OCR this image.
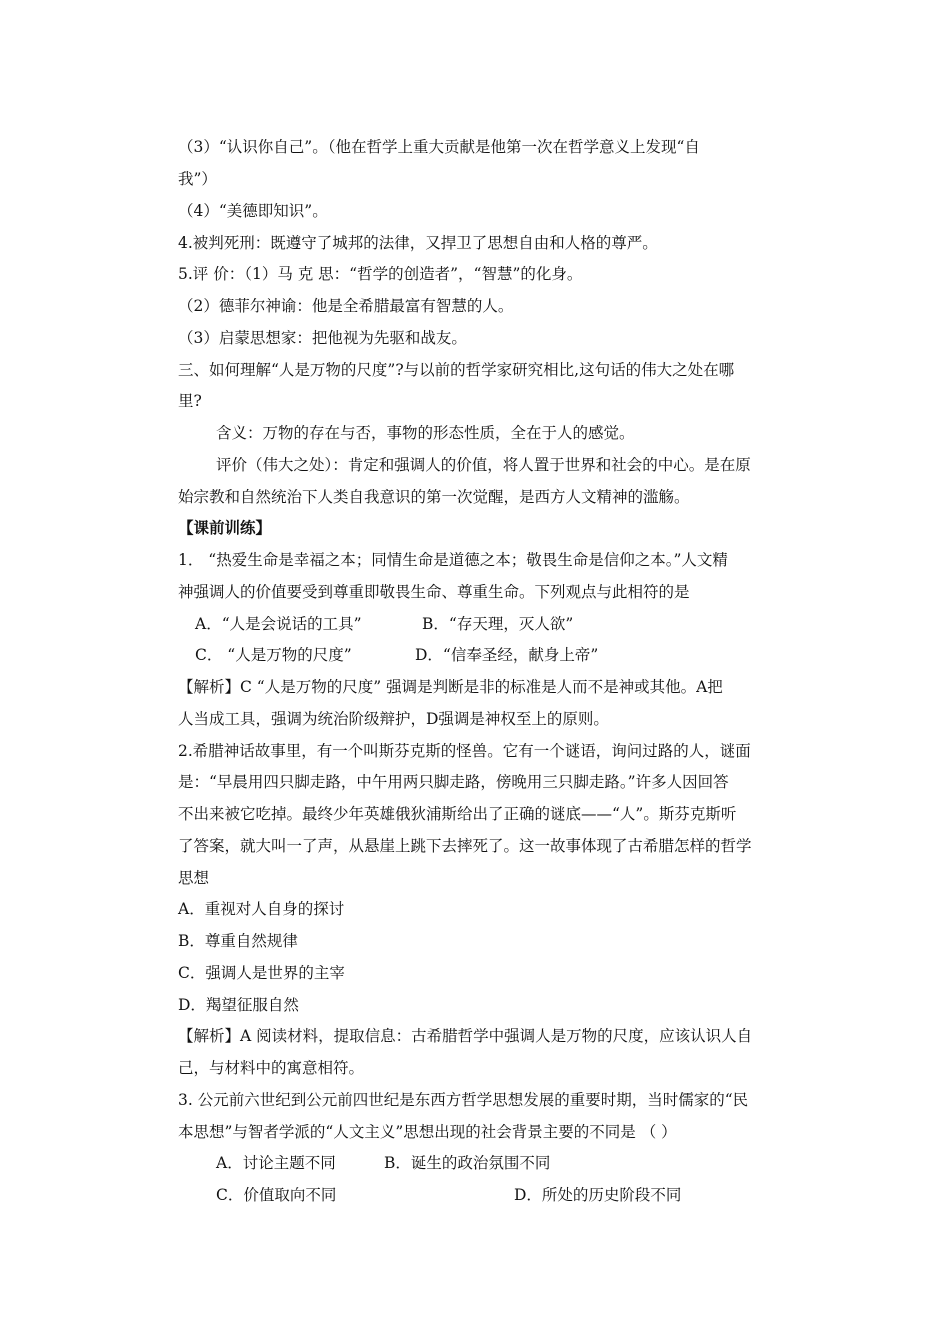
（3）“认识你自己”。（他在哲学上重大贡献是他第一次在哲学意义上发现“自
我”）
（4）“美德即知识”。
4.被判死刑：既遵守了城邦的法律，又捍卫了思想自由和人格的尊严。
5.评 价：（1）马 克 思：“哲学的创造者”，“智慧”的化身。
（2）德菲尔神谕：他是全希腊最富有智慧的人。
（3）启蒙思想家：把他视为先驱和战友。
三、如何理解“人是万物的尺度”?与以前的哲学家研究相比,这句话的伟大之处在哪
里?
含义：万物的存在与否，事物的形态性质，全在于人的感觉。
评价（伟大之处）：肯定和强调人的价值，将人置于世界和社会的中心。是在原
始宗教和自然统治下人类自我意识的第一次觉醒，是西方人文精神的滥觞。
【课前训练】
1． “热爱生命是幸福之本；同情生命是道德之本；敬畏生命是信仰之本。”人文精
神强调人的价值要受到尊重即敬畏生命、尊重生命。下列观点与此相符的是
A．“人是会说话的工具”	B．“存天理，灭人欲”
C． “人是万物的尺度”	D．“信奉圣经，献身上帝”
【解析】C “人是万物的尺度” 强调是判断是非的标准是人而不是神或其他。A把
人当成工具，强调为统治阶级辩护，D强调是神权至上的原则。
2.希腊神话故事里，有一个叫斯芬克斯的怪兽。它有一个谜语，询问过路的人，谜面
是：“早晨用四只脚走路，中午用两只脚走路，傍晚用三只脚走路。”许多人因回答
不出来被它吃掉。最终少年英雄俄狄浦斯给出了正确的谜底——“人”。斯芬克斯听
了答案，就大叫一了声，从悬崖上跳下去摔死了。这一故事体现了古希腊怎样的哲学
思想
A．重视对人自身的探讨
B．尊重自然规律
C．强调人是世界的主宰
D．羯望征服自然
【解析】A 阅读材料，提取信息：古希腊哲学中强调人是万物的尺度，应该认识人自
己，与材料中的寓意相符。
3. 公元前六世纪到公元前四世纪是东西方哲学思想发展的重要时期，当时儒家的“民
本思想”与智者学派的“人文主义”思想出现的社会背景主要的不同是 （ ）
A．讨论主题不同	B．诞生的政治氛围不同
C．价值取向不同	D．所处的历史阶段不同
